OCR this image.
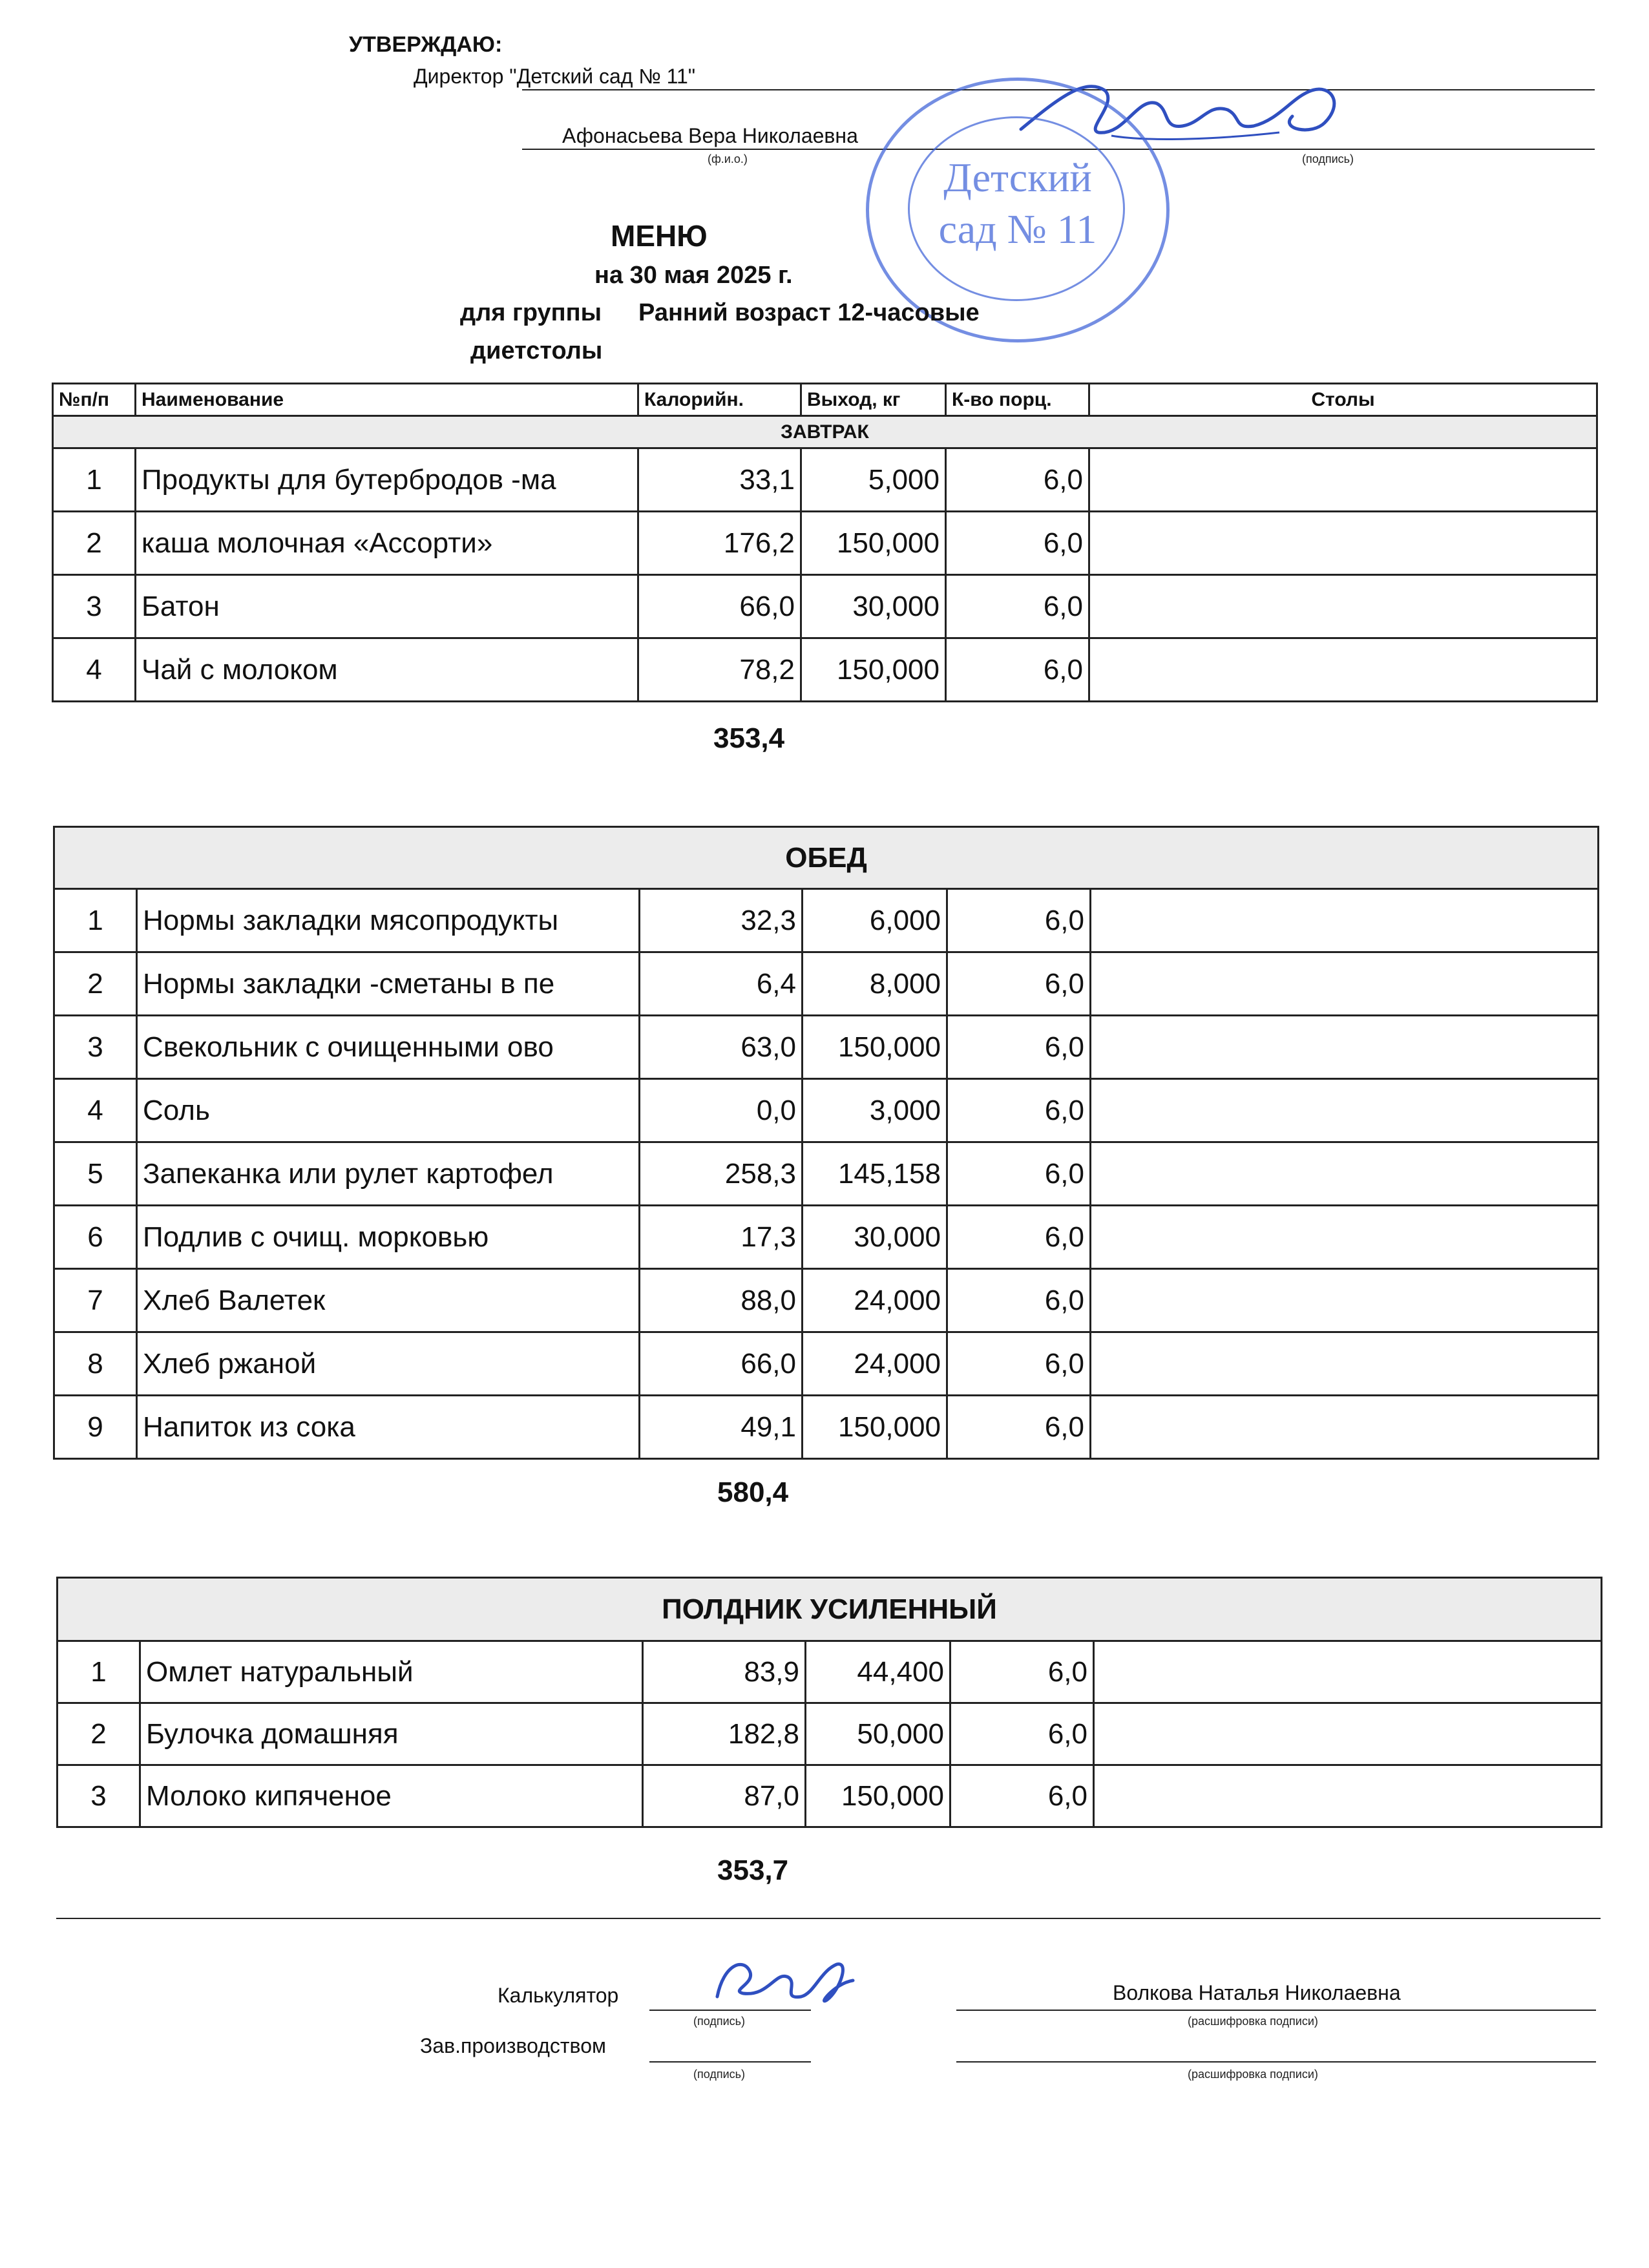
УТВЕРЖДАЮ:
Директор "Детский сад № 11"
Афонасьева Вера Николаевна
(ф.и.о.)	(подпись)
Детский
сад № 11
МЕНЮ
на 30 мая 2025 г.
для группы Ранний возраст 12-часовые
диетстолы
№п/п	Наименование	Калорийн.	Выход, кг	К-во порц.	Столы
ЗАВТРАК					
1	Продукты для бутербродов -ма	33,1	5,000	6,0	
2	каша молочная «Ассорти»	176,2	150,000	6,0	
3	Батон	66,0	30,000	6,0	
4	Чай с молоком	78,2	150,000	6,0	
353,4
ОБЕД					
1	Нормы закладки мясопродукты	32,3	6,000	6,0	
2	Нормы закладки -сметаны в пе	6,4	8,000	6,0	
3	Свекольник с очищенными ово	63,0	150,000	6,0	
4	Соль	0,0	3,000	6,0	
5	Запеканка или рулет картофел	258,3	145,158	6,0	
6	Подлив с очищ. морковью	17,3	30,000	6,0	
7	Хлеб Валетек	88,0	24,000	6,0	
8	Хлеб ржаной	66,0	24,000	6,0	
9	Напиток из сока	49,1	150,000	6,0	
580,4
ПОЛДНИК УСИЛЕННЫЙ					
1	Омлет натуральный	83,9	44,400	6,0	
2	Булочка домашняя	182,8	50,000	6,0	
3	Молоко кипяченое	87,0	150,000	6,0	
353,7
Калькулятор
(подпись)
Волкова Наталья Николаевна
(расшифровка подписи)
Зав.производством
(подпись)	(расшифровка подписи)
